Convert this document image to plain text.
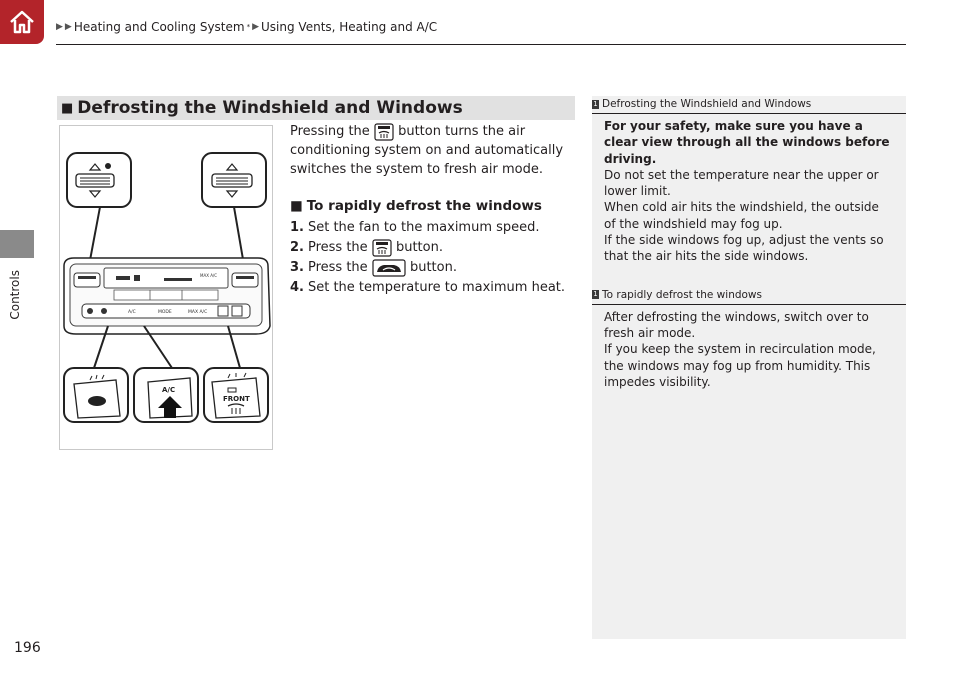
▶ ▶ Heating and Cooling System * ▶ Using Vents, Heating and A/C
Controls
196
■ Defrosting the Windshield and Windows
MAX A/C
A/C	MODE	MAX A/C
A/C
FRONT

Pressing the button turns the air conditioning system on and automatically switches the system to fresh air mode.

■ To rapidly defrost the windows
1. Set the fan to the maximum speed.
2. Press the button.
3. Press the	button.
4. Set the temperature to maximum heat.
1 Defrosting the Windshield and Windows
For your safety, make sure you have a clear view through all the windows before driving.
Do not set the temperature near the upper or lower limit.
When cold air hits the windshield, the outside of the windshield may fog up.
If the side windows fog up, adjust the vents so that the air hits the side windows.
1 To rapidly defrost the windows
After defrosting the windows, switch over to fresh air mode.
If you keep the system in recirculation mode, the windows may fog up from humidity. This impedes visibility.
